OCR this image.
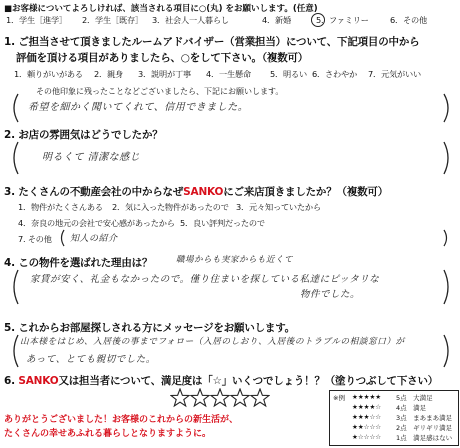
■お客様についてよろしければ、該当される項目に○(丸) をお願いします。(任意)
1．学生［進学］ 2．学生［既存］ 3．社会人一人暮らし	4．新婚	5．ファミリー	6．その他
1. ご担当させて頂きましたルームアドバイザー（営業担当）について、下記項目の中から
評価を頂ける項目がありましたら、○をして下さい。（複数可）
1．頼りがいがある 2．親身 3．説明が丁寧 4．一生懸命 5．明るい 6．さわやか 7．元気がいい
その他印象に残ったことなどございましたら、下記にお願いします。
希望を細かく聞いてくれて、信用できました。
2. お店の雰囲気はどうでしたか？
明るくて 清潔な感じ
3. たくさんの不動産会社の中からなぜSANKOにご来店頂きましたか？（複数可）
1．物件がたくさんある 2．気に入った物件があったので 3．元々知っていたから
4．奈良の地元の会社で安心感があったから 5．良い評判だったので
7. その他 知人の紹介
4. この物件を選ばれた理由は？	職場からも実家からも近くて
家賃が安く、礼金もなかったので。僅り住まいを探している私達にピッタリな
物件でした。
5. これからお部屋探しされる方にメッセージをお願いします。
山本様をはじめ、入居後の事までフォロー（入居のしおり、入居後のトラブルの相談窓口）が
あって、とても親切でした。
6. SANKO又は担当者について、満足度は「☆」いくつでしょう！？（塗りつぶして下さい）
※例 ★★★★★ 5点　大満足
★★★★☆ 4点　満足
★★★☆☆ 3点　まあまあ満足
★★☆☆☆ 2点　ギリギリ満足
★☆☆☆☆ 1点　満足感はない
ありがとうございました！お客様のこれからの新生活が、
たくさんの幸せあふれる暮らしとなりますように。
